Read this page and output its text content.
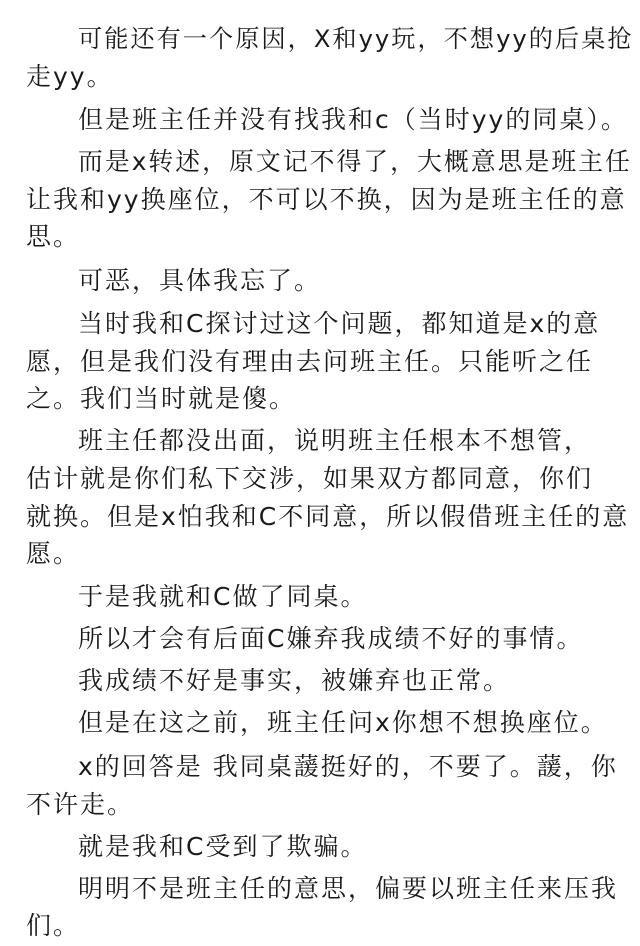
可能还有一个原因，X和yy玩，不想yy的后桌抢
走yy。
但是班主任并没有找我和c（当时yy的同桌）。
而是x转述，原文记不得了，大概意思是班主任
让我和yy换座位，不可以不换，因为是班主任的意
思。
可恶，具体我忘了。
当时我和C探讨过这个问题，都知道是x的意
愿，但是我们没有理由去问班主任。只能听之任
之。我们当时就是傻。
班主任都没出面，说明班主任根本不想管，
估计就是你们私下交涉，如果双方都同意，你们
就换。但是x怕我和C不同意，所以假借班主任的意
愿。
于是我就和C做了同桌。
所以才会有后面C嫌弃我成绩不好的事情。
我成绩不好是事实，被嫌弃也正常。
但是在这之前，班主任问x你想不想换座位。
x的回答是 我同桌蘐挺好的，不要了。蘐，你
不许走。
就是我和C受到了欺骗。
明明不是班主任的意思，偏要以班主任来压我
们。
